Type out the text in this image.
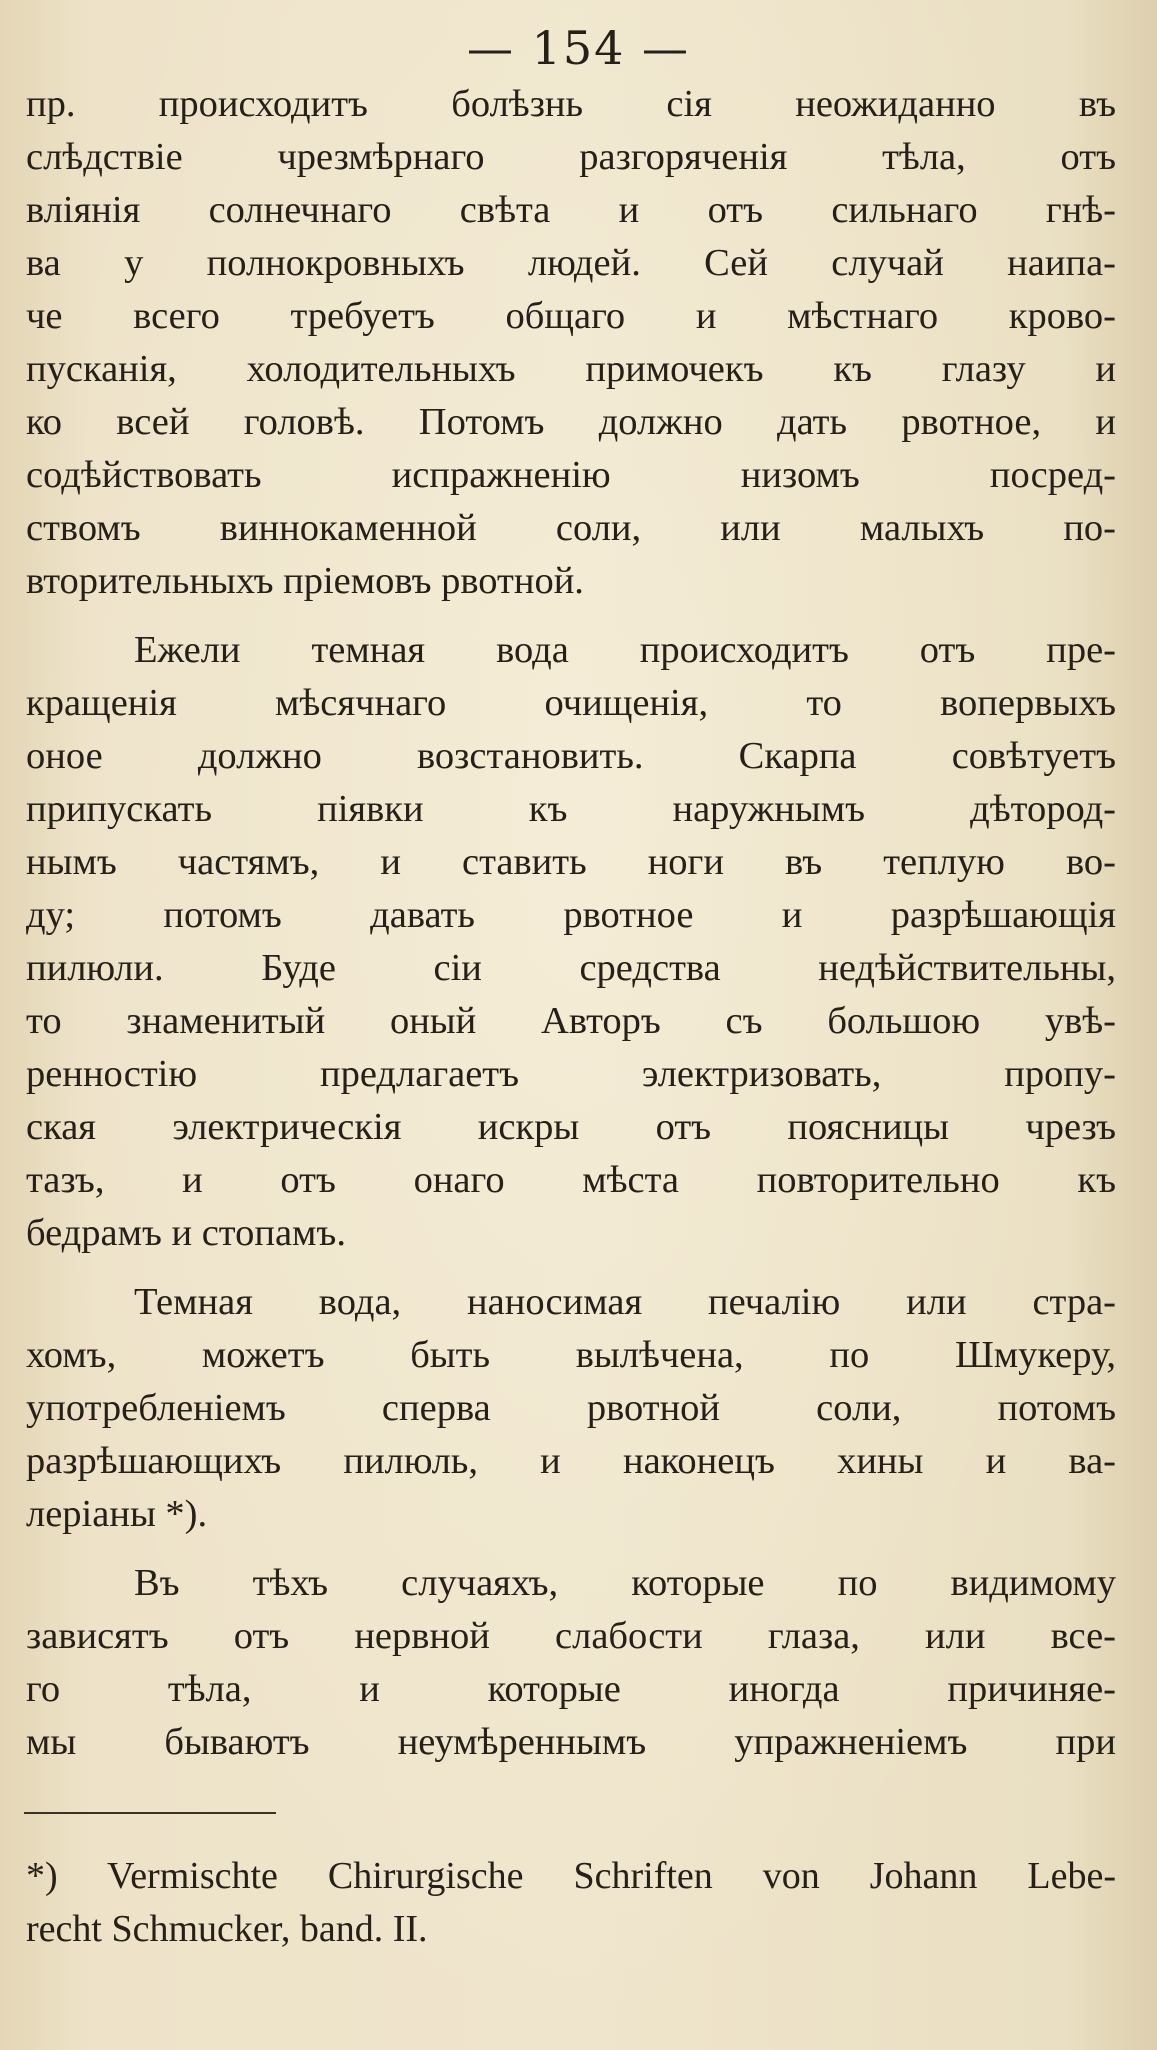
— 154 —
пр. происходитъ болѣзнь сія неожиданно въ
слѣдствіе чрезмѣрнаго разгоряченія тѣла, отъ
вліянія солнечнаго свѣта и отъ сильнаго гнѣ-
ва у полнокровныхъ людей. Сей случай наипа-
че всего требуетъ общаго и мѣстнаго крово-
пусканія, холодительныхъ примочекъ къ глазу и
ко всей головѣ. Потомъ должно дать рвотное, и
содѣйствовать испражненію низомъ посред-
ствомъ виннокаменной соли, или малыхъ по-
вторительныхъ пріемовъ рвотной.
Ежели темная вода происходитъ отъ пре-
кращенія мѣсячнаго очищенія, то вопервыхъ
оное должно возстановить. Скарпа совѣтуетъ
припускать піявки къ наружнымъ дѣтород-
нымъ частямъ, и ставить ноги въ теплую во-
ду; потомъ давать рвотное и разрѣшающія
пилюли. Буде сіи средства недѣйствительны,
то знаменитый оный Авторъ съ большою увѣ-
ренностію предлагаетъ электризовать, пропу-
ская электрическія искры отъ поясницы чрезъ
тазъ, и отъ онаго мѣста повторительно къ
бедрамъ и стопамъ.
Темная вода, наносимая печалію или стра-
хомъ, можетъ быть вылѣчена, по Шмукеру,
употребленіемъ сперва рвотной соли, потомъ
разрѣшающихъ пилюль, и наконецъ хины и ва-
леріаны *).
Въ тѣхъ случаяхъ, которые по видимому
зависятъ отъ нервной слабости глаза, или все-
го тѣла, и которые иногда причиняе-
мы бываютъ неумѣреннымъ упражненіемъ при
*) Vermischte Chirurgische Schriften von Johann Lebe-
recht Schmucker, band. II.
